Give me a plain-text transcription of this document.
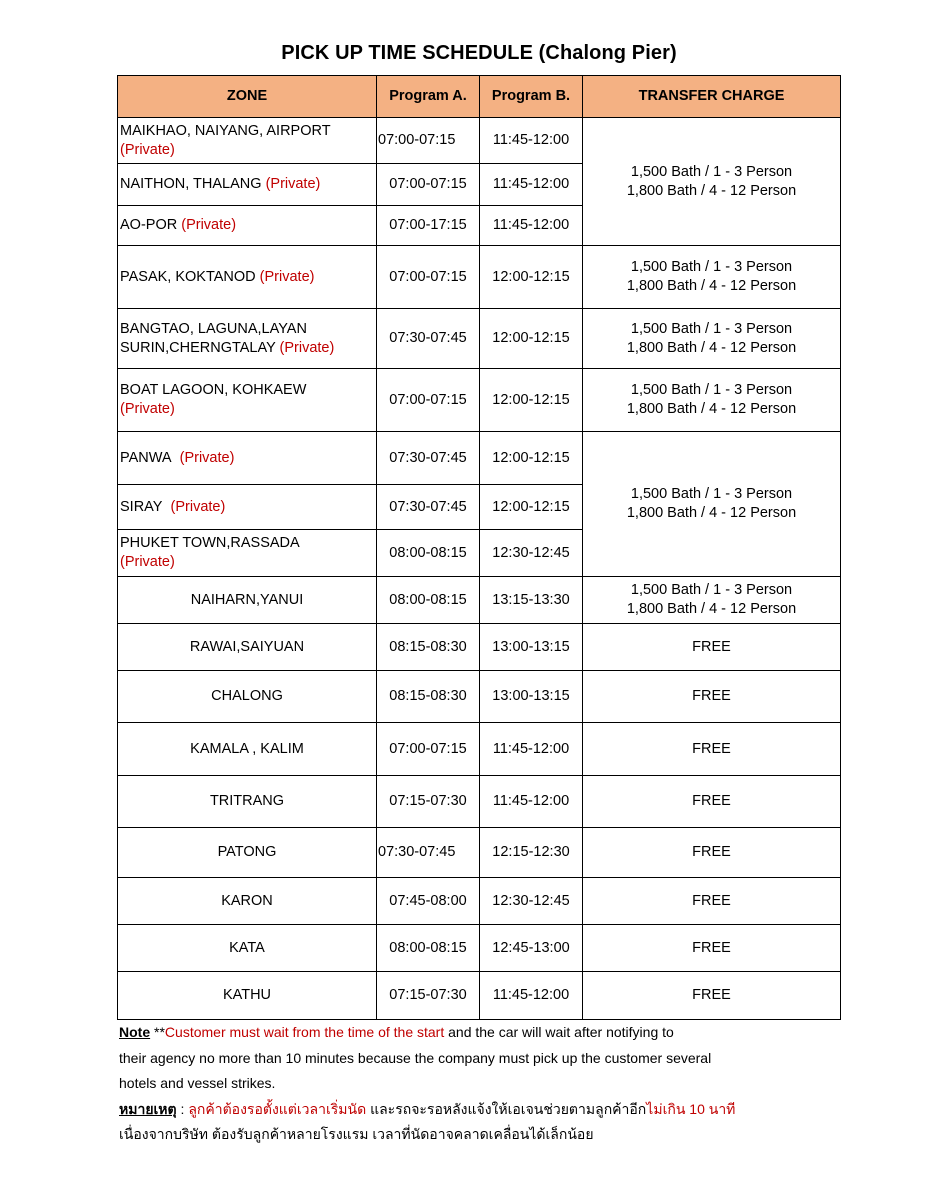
PICK UP TIME SCHEDULE (Chalong Pier)
ZONE	Program A.	Program B.	TRANSFER CHARGE
MAIKHAO, NAIYANG, AIRPORT
(Private)	07:00-07:15	11:45-12:00	1,500 Bath / 1 - 3 Person
1,800 Bath / 4 - 12 Person
NAITHON, THALANG (Private)	07:00-07:15	11:45-12:00	
AO-POR (Private)	07:00-17:15	11:45-12:00	
PASAK, KOKTANOD (Private)	07:00-07:15	12:00-12:15	1,500 Bath / 1 - 3 Person
1,800 Bath / 4 - 12 Person
BANGTAO, LAGUNA,LAYAN
SURIN,CHERNGTALAY (Private)	07:30-07:45	12:00-12:15	1,500 Bath / 1 - 3 Person
1,800 Bath / 4 - 12 Person
BOAT LAGOON, KOHKAEW
(Private)	07:00-07:15	12:00-12:15	1,500 Bath / 1 - 3 Person
1,800 Bath / 4 - 12 Person
PANWA (Private)	07:30-07:45	12:00-12:15	1,500 Bath / 1 - 3 Person
1,800 Bath / 4 - 12 Person
SIRAY (Private)	07:30-07:45	12:00-12:15	
PHUKET TOWN,RASSADA
(Private)	08:00-08:15	12:30-12:45	
NAIHARN,YANUI	08:00-08:15	13:15-13:30	1,500 Bath / 1 - 3 Person
1,800 Bath / 4 - 12 Person
RAWAI,SAIYUAN	08:15-08:30	13:00-13:15	FREE
CHALONG	08:15-08:30	13:00-13:15	FREE
KAMALA , KALIM	07:00-07:15	11:45-12:00	FREE
TRITRANG	07:15-07:30	11:45-12:00	FREE
PATONG	07:30-07:45	12:15-12:30	FREE
KARON	07:45-08:00	12:30-12:45	FREE
KATA	08:00-08:15	12:45-13:00	FREE
KATHU	07:15-07:30	11:45-12:00	FREE

Note **Customer must wait from the time of the start and the car will wait after notifying to

their agency no more than 10 minutes because the company must pick up the customer several

hotels and vessel strikes.

หมายเหตุ : ลูกค้าต้องรอตั้งแต่เวลาเริ่มนัด และรถจะรอหลังแจ้งให้เอเจนช่วยตามลูกค้าอีกไม่เกิน 10 นาที

เนื่องจากบริษัท ต้องรับลูกค้าหลายโรงแรม เวลาที่นัดอาจคลาดเคลื่อนได้เล็กน้อย
